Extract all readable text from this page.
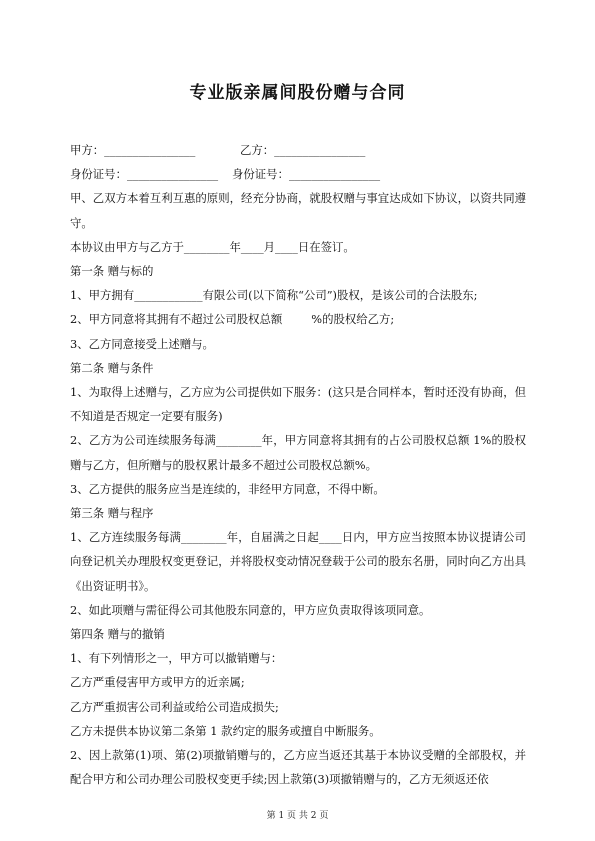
专业版亲属间股份赠与合同
甲方：________________	乙方：________________
身份证号：________________	身份证号：________________
甲、乙双方本着互利互惠的原则，经充分协商，就股权赠与事宜达成如下协议，以资共同遵守。
本协议由甲方与乙方于________年____月____日在签订。
第一条 赠与标的
1、甲方拥有____________有限公司(以下简称“公司”)股权，是该公司的合法股东;
2、甲方同意将其拥有不超过公司股权总额        %的股权给乙方;
3、乙方同意接受上述赠与。
第二条 赠与条件
1、为取得上述赠与，乙方应为公司提供如下服务：(这只是合同样本，暂时还没有协商，但不知道是否规定一定要有服务)
2、乙方为公司连续服务每满________年，甲方同意将其拥有的占公司股权总额 1%的股权赠与乙方，但所赠与的股权累计最多不超过公司股权总额%。
3、乙方提供的服务应当是连续的，非经甲方同意，不得中断。
第三条 赠与程序
1、乙方连续服务每满________年，自届满之日起____日内，甲方应当按照本协议提请公司向登记机关办理股权变更登记，并将股权变动情况登载于公司的股东名册，同时向乙方出具《出资证明书》。
2、如此项赠与需征得公司其他股东同意的，甲方应负责取得该项同意。
第四条 赠与的撤销
1、有下列情形之一，甲方可以撤销赠与：
乙方严重侵害甲方或甲方的近亲属;
乙方严重损害公司利益或给公司造成损失;
乙方未提供本协议第二条第 1 款约定的服务或擅自中断服务。
2、因上款第(1)项、第(2)项撤销赠与的，乙方应当返还其基于本协议受赠的全部股权，并配合甲方和公司办理公司股权变更手续;因上款第(3)项撤销赠与的，乙方无须返还依
第 1 页 共 2 页
